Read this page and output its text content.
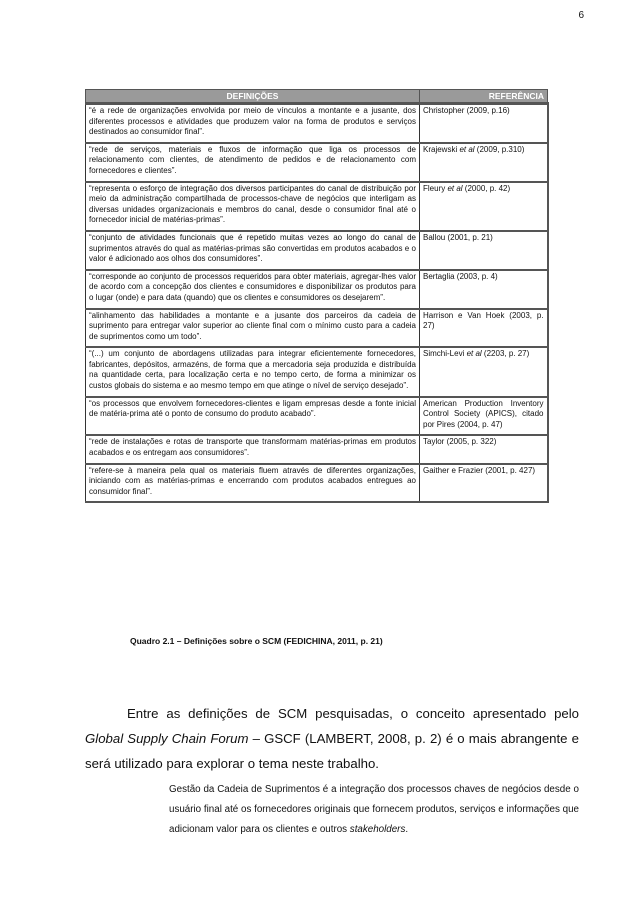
6
DEFINIÇÕES	REFERÊNCIA
“é a rede de organizações envolvida por meio de vínculos a montante e a jusante, dos diferentes processos e atividades que produzem valor na forma de produtos e serviços destinados ao consumidor final”.	Christopher (2009, p.16)
“rede de serviços, materiais e fluxos de informação que liga os processos de relacionamento com clientes, de atendimento de pedidos e de relacionamento com fornecedores e clientes”.	Krajewski et al (2009, p.310)
“representa o esforço de integração dos diversos participantes do canal de distribuição por meio da administração compartilhada de processos-chave de negócios que interligam as diversas unidades organizacionais e membros do canal, desde o consumidor final até o fornecedor inicial de matérias-primas”.	Fleury et al (2000, p. 42)
“conjunto de atividades funcionais que é repetido muitas vezes ao longo do canal de suprimentos através do qual as matérias-primas são convertidas em produtos acabados e o valor é adicionado aos olhos dos consumidores”.	Ballou (2001, p. 21)
“corresponde ao conjunto de processos requeridos para obter materiais, agregar-lhes valor de acordo com a concepção dos clientes e consumidores e disponibilizar os produtos para o lugar (onde) e para data (quando) que os clientes e consumidores os desejarem”.	Bertaglia (2003, p. 4)
“alinhamento das habilidades a montante e a jusante dos parceiros da cadeia de suprimento para entregar valor superior ao cliente final com o mínimo custo para a cadeia de suprimentos como um todo”.	Harrison e Van Hoek (2003, p. 27)
“(...) um conjunto de abordagens utilizadas para integrar eficientemente fornecedores, fabricantes, depósitos, armazéns, de forma que a mercadoria seja produzida e distribuída na quantidade certa, para localização certa e no tempo certo, de forma a minimizar os custos globais do sistema e ao mesmo tempo em que atinge o nível de serviço desejado”.	Simchi-Levi et al (2203, p. 27)
“os processos que envolvem fornecedores-clientes e ligam empresas desde a fonte inicial de matéria-prima até o ponto de consumo do produto acabado”.	American Production Inventory Control Society (APICS), citado por Pires (2004, p. 47)
“rede de instalações e rotas de transporte que transformam matérias-primas em produtos acabados e os entregam aos consumidores”.	Taylor (2005, p. 322)
“refere-se à maneira pela qual os materiais fluem através de diferentes organizações, iniciando com as matérias-primas e encerrando com produtos acabados entregues ao consumidor final”.	Gaither e Frazier (2001, p. 427)
Quadro 2.1 – Definições sobre o SCM (FEDICHINA, 2011, p. 21)

Entre as definições de SCM pesquisadas, o conceito apresentado pelo Global Supply Chain Forum – GSCF (LAMBERT, 2008, p. 2) é o mais abrangente e será utilizado para explorar o tema neste trabalho.

Gestão da Cadeia de Suprimentos é a integração dos processos chaves de negócios desde o usuário final até os fornecedores originais que fornecem produtos, serviços e informações que adicionam valor para os clientes e outros stakeholders.
